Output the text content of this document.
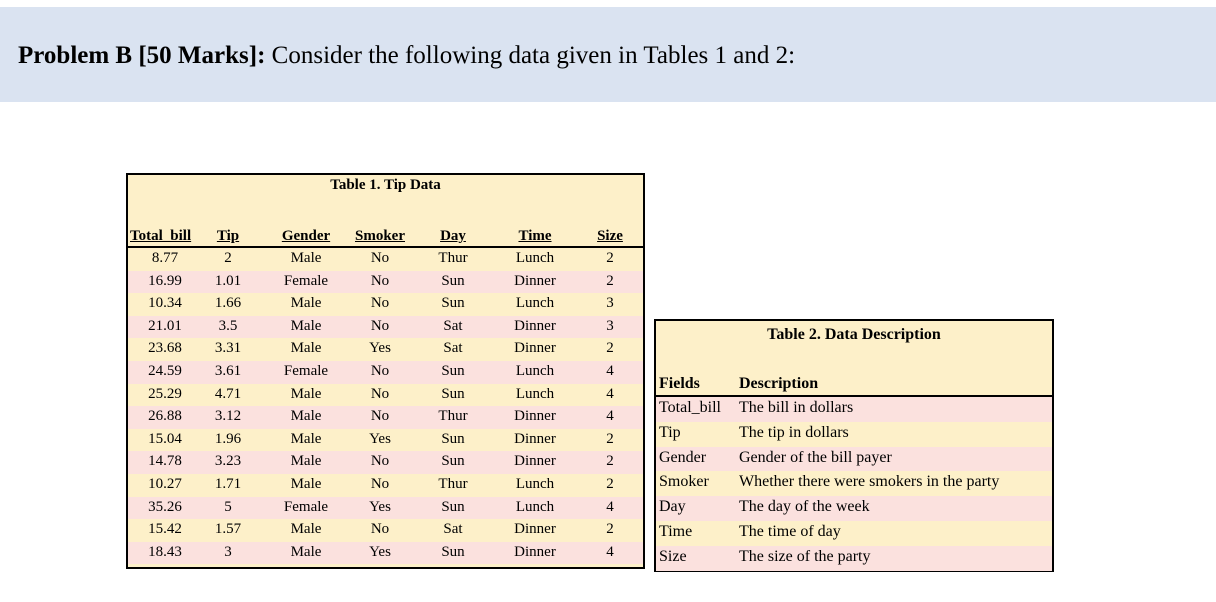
Problem B [50 Marks]: Consider the following data given in Tables 1 and 2:
Table 1. Tip Data
Total_bill	Tip	Gender	Smoker	Day	Time	Size
8.77	2	Male	No	Thur	Lunch	2
16.99	1.01	Female	No	Sun	Dinner	2
10.34	1.66	Male	No	Sun	Lunch	3
21.01	3.5	Male	No	Sat	Dinner	3
23.68	3.31	Male	Yes	Sat	Dinner	2
24.59	3.61	Female	No	Sun	Lunch	4
25.29	4.71	Male	No	Sun	Lunch	4
26.88	3.12	Male	No	Thur	Dinner	4
15.04	1.96	Male	Yes	Sun	Dinner	2
14.78	3.23	Male	No	Sun	Dinner	2
10.27	1.71	Male	No	Thur	Lunch	2
35.26	5	Female	Yes	Sun	Lunch	4
15.42	1.57	Male	No	Sat	Dinner	2
18.43	3	Male	Yes	Sun	Dinner	4
Table 2. Data Description
Fields Description
Total_bill The bill in dollars
Tip	The tip in dollars
Gender Gender of the bill payer
Smoker Whether there were smokers in the party
Day	The day of the week
Time	The time of day
Size	The size of the party
